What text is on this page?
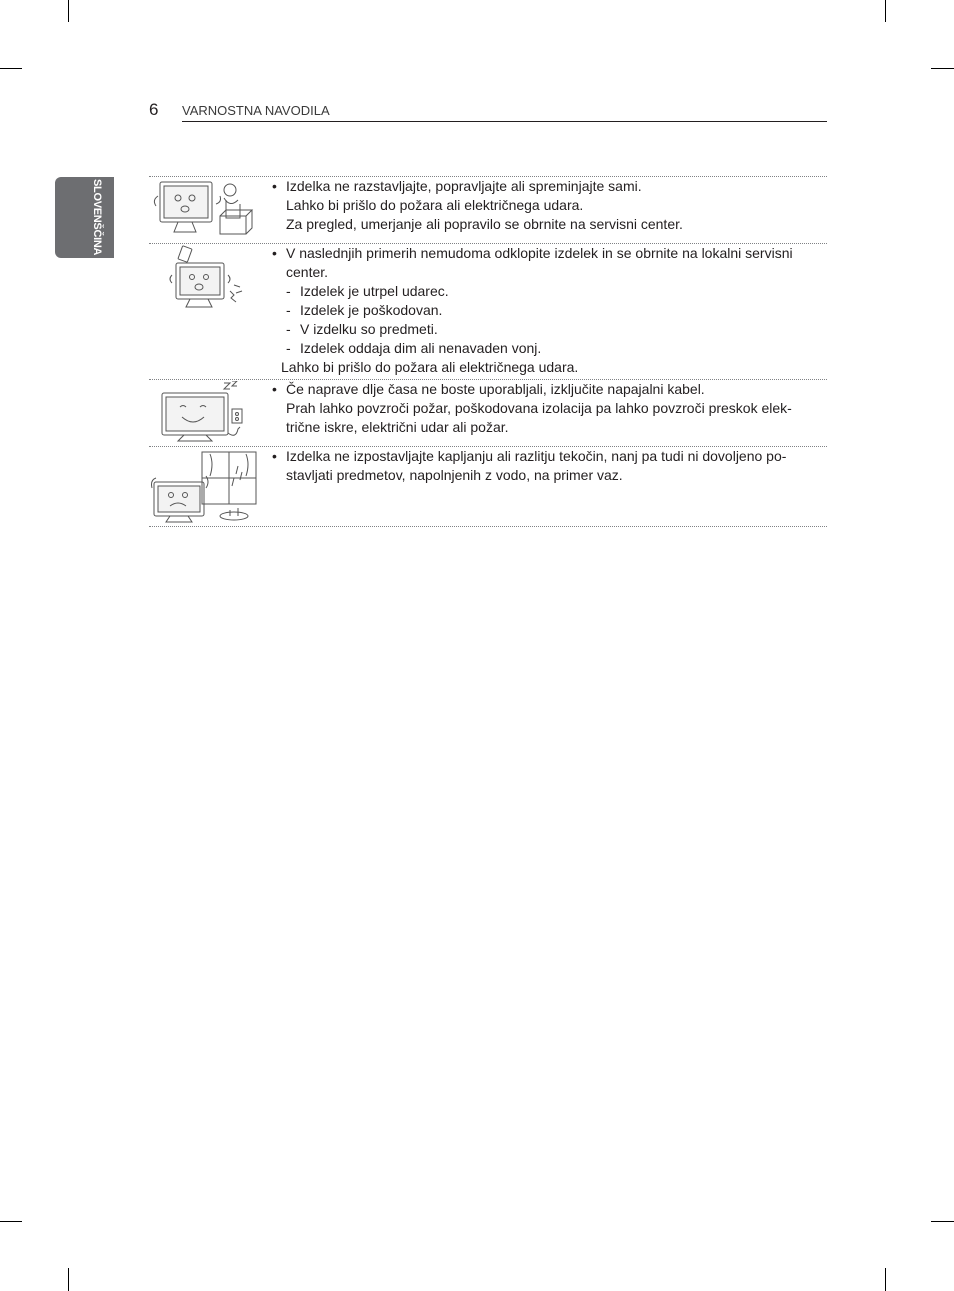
6 VARNOSTNA NAVODILA
SLOVENŠČINA
•	Izdelka ne razstavljajte, popravljajte ali spreminjajte sami.
Lahko bi prišlo do požara ali električnega udara.
Za pregled, umerjanje ali popravilo se obrnite na servisni center.
• V naslednjih primerih nemudoma odklopite izdelek in se obrnite na lokalni servisni
center.
- Izdelek je utrpel udarec.
- Izdelek je poškodovan.
- V izdelku so predmeti.
- Izdelek oddaja dim ali nenavaden vonj.
Lahko bi prišlo do požara ali električnega udara.
• Če naprave dlje časa ne boste uporabljali, izključite napajalni kabel.
Prah lahko povzroči požar, poškodovana izolacija pa lahko povzroči preskok elek-
trične iskre, električni udar ali požar.
• Izdelka ne izpostavljajte kapljanju ali razlitju tekočin, nanj pa tudi ni dovoljeno po-
stavljati predmetov, napolnjenih z vodo, na primer vaz.
